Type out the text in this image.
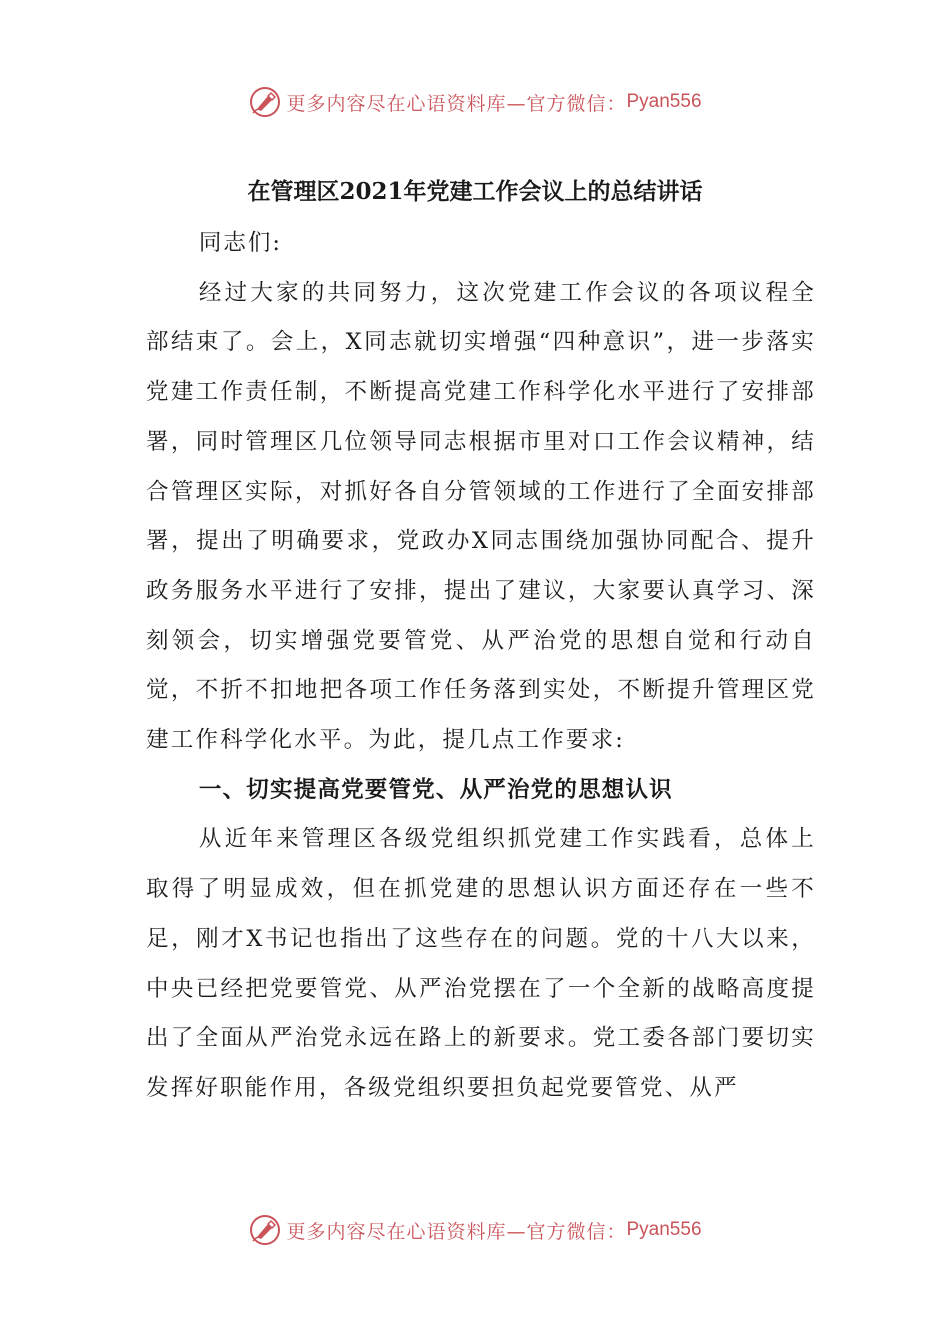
更多内容尽在心语资料库—官方微信： Pyan556
在管理区2021年党建工作会议上的总结讲话

同志们:

经过大家的共同努力，这次党建工作会议的各项议程全部结束了。会上，X同志就切实增强“四种意识”，进一步落实党建工作责任制，不断提高党建工作科学化水平进行了安排部署，同时管理区几位领导同志根据市里对口工作会议精神，结合管理区实际，对抓好各自分管领域的工作进行了全面安排部署，提出了明确要求，党政办X同志围绕加强协同配合、提升政务服务水平进行了安排，提出了建议，大家要认真学习、深刻领会，切实增强党要管党、从严治党的思想自觉和行动自觉，不折不扣地把各项工作任务落到实处，不断提升管理区党建工作科学化水平。为此，提几点工作要求:

一、切实提高党要管党、从严治党的思想认识

从近年来管理区各级党组织抓党建工作实践看，总体上取得了明显成效，但在抓党建的思想认识方面还存在一些不足，刚才X书记也指出了这些存在的问题。党的十八大以来，中央已经把党要管党、从严治党摆在了一个全新的战略高度提出了全面从严治党永远在路上的新要求。党工委各部门要切实发挥好职能作用，各级党组织要担负起党要管党、从严

更多内容尽在心语资料库—官方微信： Pyan556
